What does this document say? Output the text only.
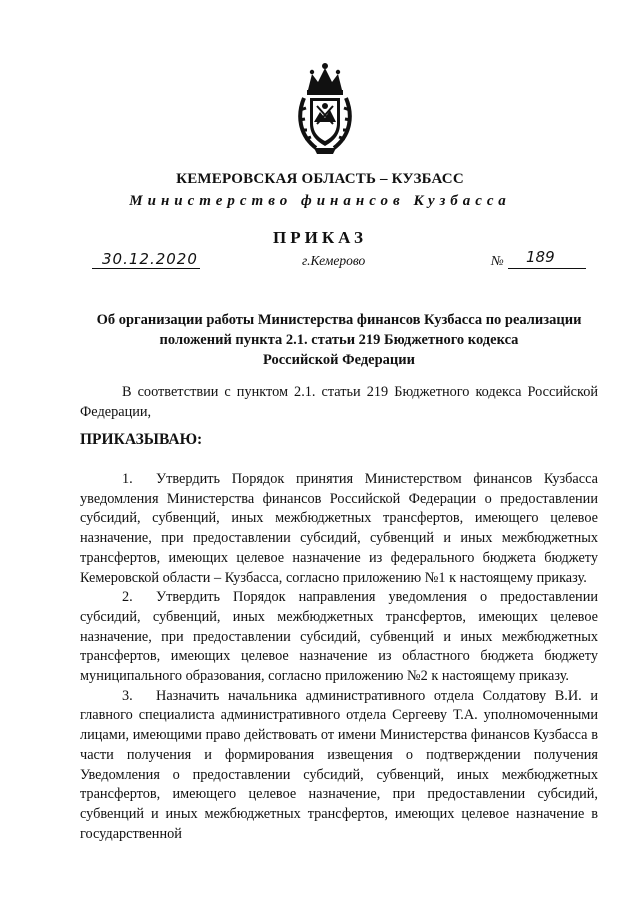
КЕМЕРОВСКАЯ ОБЛАСТЬ – КУЗБАСС
Министерство финансов Кузбасса
ПРИКАЗ
30.12.2020	г.Кемерово	№ 189
Об организации работы Министерства финансов Кузбасса по реализации
положений пункта 2.1. статьи 219 Бюджетного кодекса
Российской Федерации

В соответствии с пунктом 2.1. статьи 219 Бюджетного кодекса Российской Федерации,

ПРИКАЗЫВАЮ:

1. Утвердить Порядок принятия Министерством финансов Кузбасса уведомления Министерства финансов Российской Федерации о предоставлении субсидий, субвенций, иных межбюджетных трансфертов, имеющего целевое назначение, при предоставлении субсидий, субвенций и иных межбюджетных трансфертов, имеющих целевое назначение из федерального бюджета бюджету Кемеровской области – Кузбасса, согласно приложению №1 к настоящему приказу.

2. Утвердить Порядок направления уведомления о предоставлении субсидий, субвенций, иных межбюджетных трансфертов, имеющих целевое назначение, при предоставлении субсидий, субвенций и иных межбюджетных трансфертов, имеющих целевое назначение из областного бюджета бюджету муниципального образования, согласно приложению №2 к настоящему приказу.

3. Назначить начальника административного отдела Солдатову В.И. и главного специалиста административного отдела Сергееву Т.А. уполномоченными лицами, имеющими право действовать от имени Министерства финансов Кузбасса в части получения и формирования извещения о подтверждении получения Уведомления о предоставлении субсидий, субвенций, иных межбюджетных трансфертов, имеющего целевое назначение, при предоставлении субсидий, субвенций и иных межбюджетных трансфертов, имеющих целевое назначение в государственной
